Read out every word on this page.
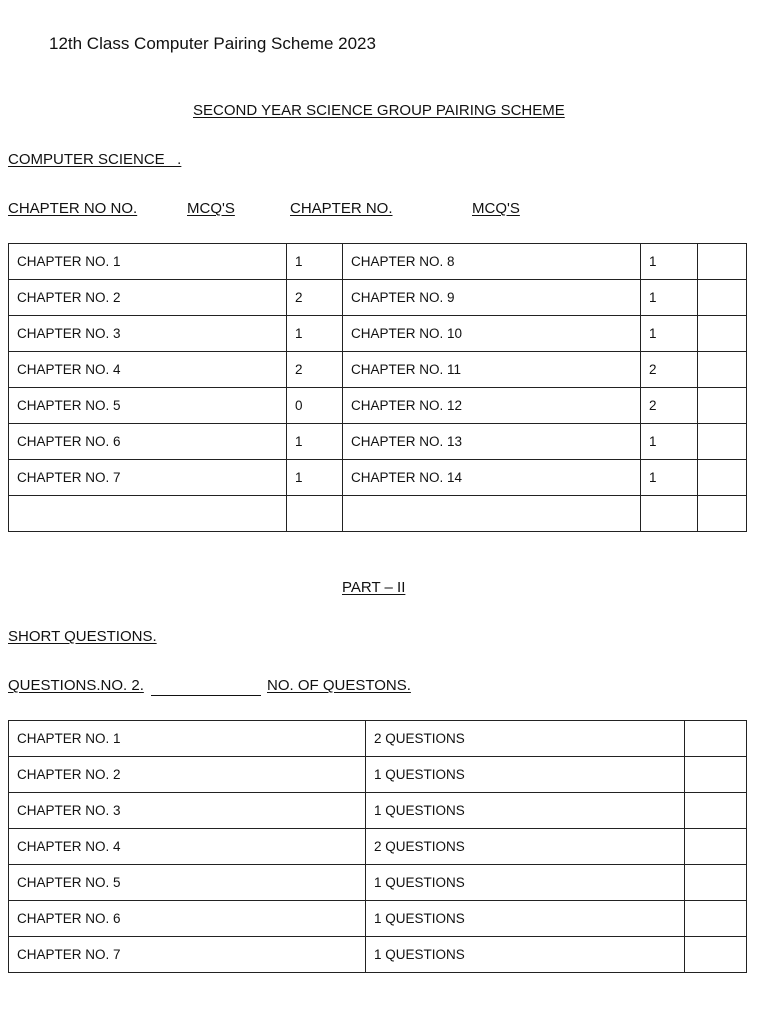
12th Class Computer Pairing Scheme 2023
SECOND YEAR SCIENCE GROUP PAIRING SCHEME
COMPUTER SCIENCE   .
CHAPTER NO NO.	MCQ'S	CHAPTER NO.	MCQ'S
CHAPTER NO. 1	1	CHAPTER NO. 8	1	
CHAPTER NO. 2	2	CHAPTER NO. 9	1	
CHAPTER NO. 3	1	CHAPTER NO. 10	1	
CHAPTER NO. 4	2	CHAPTER NO. 11	2	
CHAPTER NO. 5	0	CHAPTER NO. 12	2	
CHAPTER NO. 6	1	CHAPTER NO. 13	1	
CHAPTER NO. 7	1	CHAPTER NO. 14	1	

PART – II
SHORT QUESTIONS.
QUESTIONS.NO. 2.	NO. OF QUESTONS.
CHAPTER NO. 1	2 QUESTIONS	
CHAPTER NO. 2	1 QUESTIONS	
CHAPTER NO. 3	1 QUESTIONS	
CHAPTER NO. 4	2 QUESTIONS	
CHAPTER NO. 5	1 QUESTIONS	
CHAPTER NO. 6	1 QUESTIONS	
CHAPTER NO. 7	1 QUESTIONS	
